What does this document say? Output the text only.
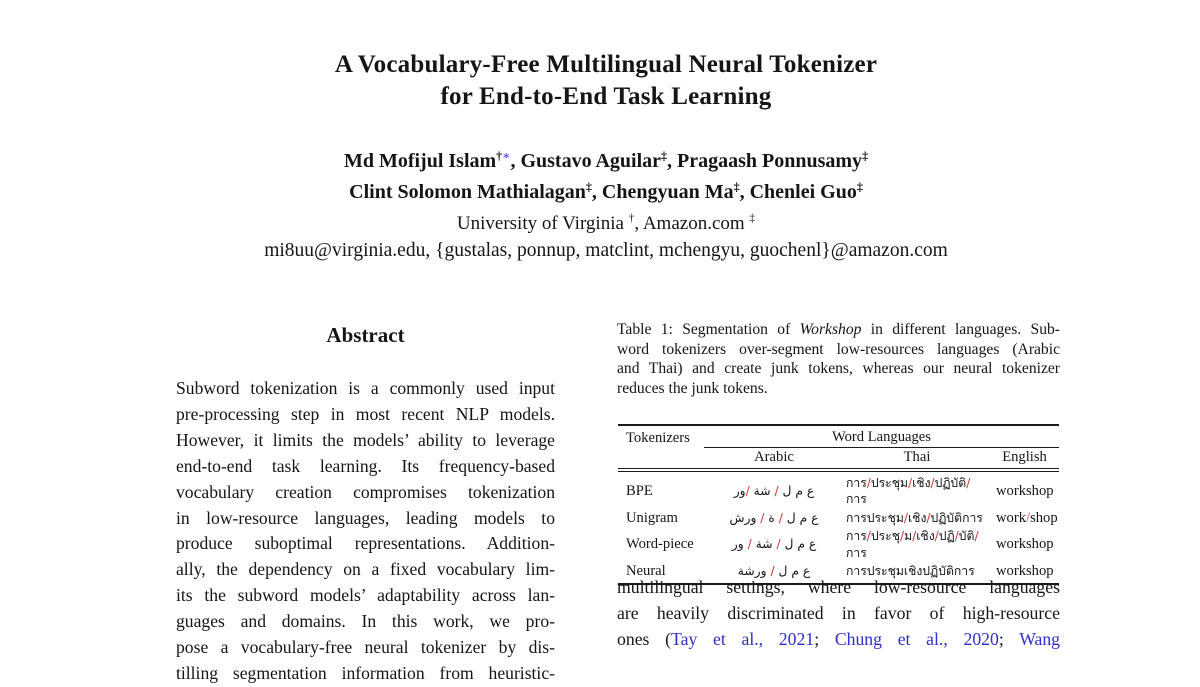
A Vocabulary-Free Multilingual Neural Tokenizer
for End-to-End Task Learning
Md Mofijul Islam†∗, Gustavo Aguilar‡, Pragaash Ponnusamy‡
Clint Solomon Mathialagan‡, Chengyuan Ma‡, Chenlei Guo‡
University of Virginia †, Amazon.com ‡
mi8uu@virginia.edu, {gustalas, ponnup, matclint, mchengyu, guochenl}@amazon.com
Abstract
Subword tokenization is a commonly used input
pre-processing step in most recent NLP models.
However, it limits the models’ ability to leverage
end-to-end task learning. Its frequency-based
vocabulary creation compromises tokenization
in low-resource languages, leading models to
produce suboptimal representations. Addition-
ally, the dependency on a fixed vocabulary lim-
its the subword models’ adaptability across lan-
guages and domains. In this work, we pro-
pose a vocabulary-free neural tokenizer by dis-
tilling segmentation information from heuristic-
Table 1: Segmentation of Workshop in different languages. Sub-
word tokenizers over-segment low-resources languages (Arabic
and Thai) and create junk tokens, whereas our neural tokenizer
reduces the junk tokens.
Tokenizers	Word Languages		
	Arabic	Thai	English

BPE	ع م ل / شة /ور	การ/ประชุม/เชิง/ปฏิบัติ/การ	workshop
Unigram	ع م ل / ة / ورش	การประชุม/เชิง/ปฏิบัติการ	work/shop
Word-piece	ع م ل / شة / ور	การ/ประชุ/ม/เชิง/ปฏิ/บัติ/การ	workshop
Neural	ع م ل / ورشة	การประชุมเชิงปฏิบัติการ	workshop
multilingual settings, where low-resource languages
are heavily discriminated in favor of high-resource
ones (Tay et al., 2021; Chung et al., 2020; Wang
